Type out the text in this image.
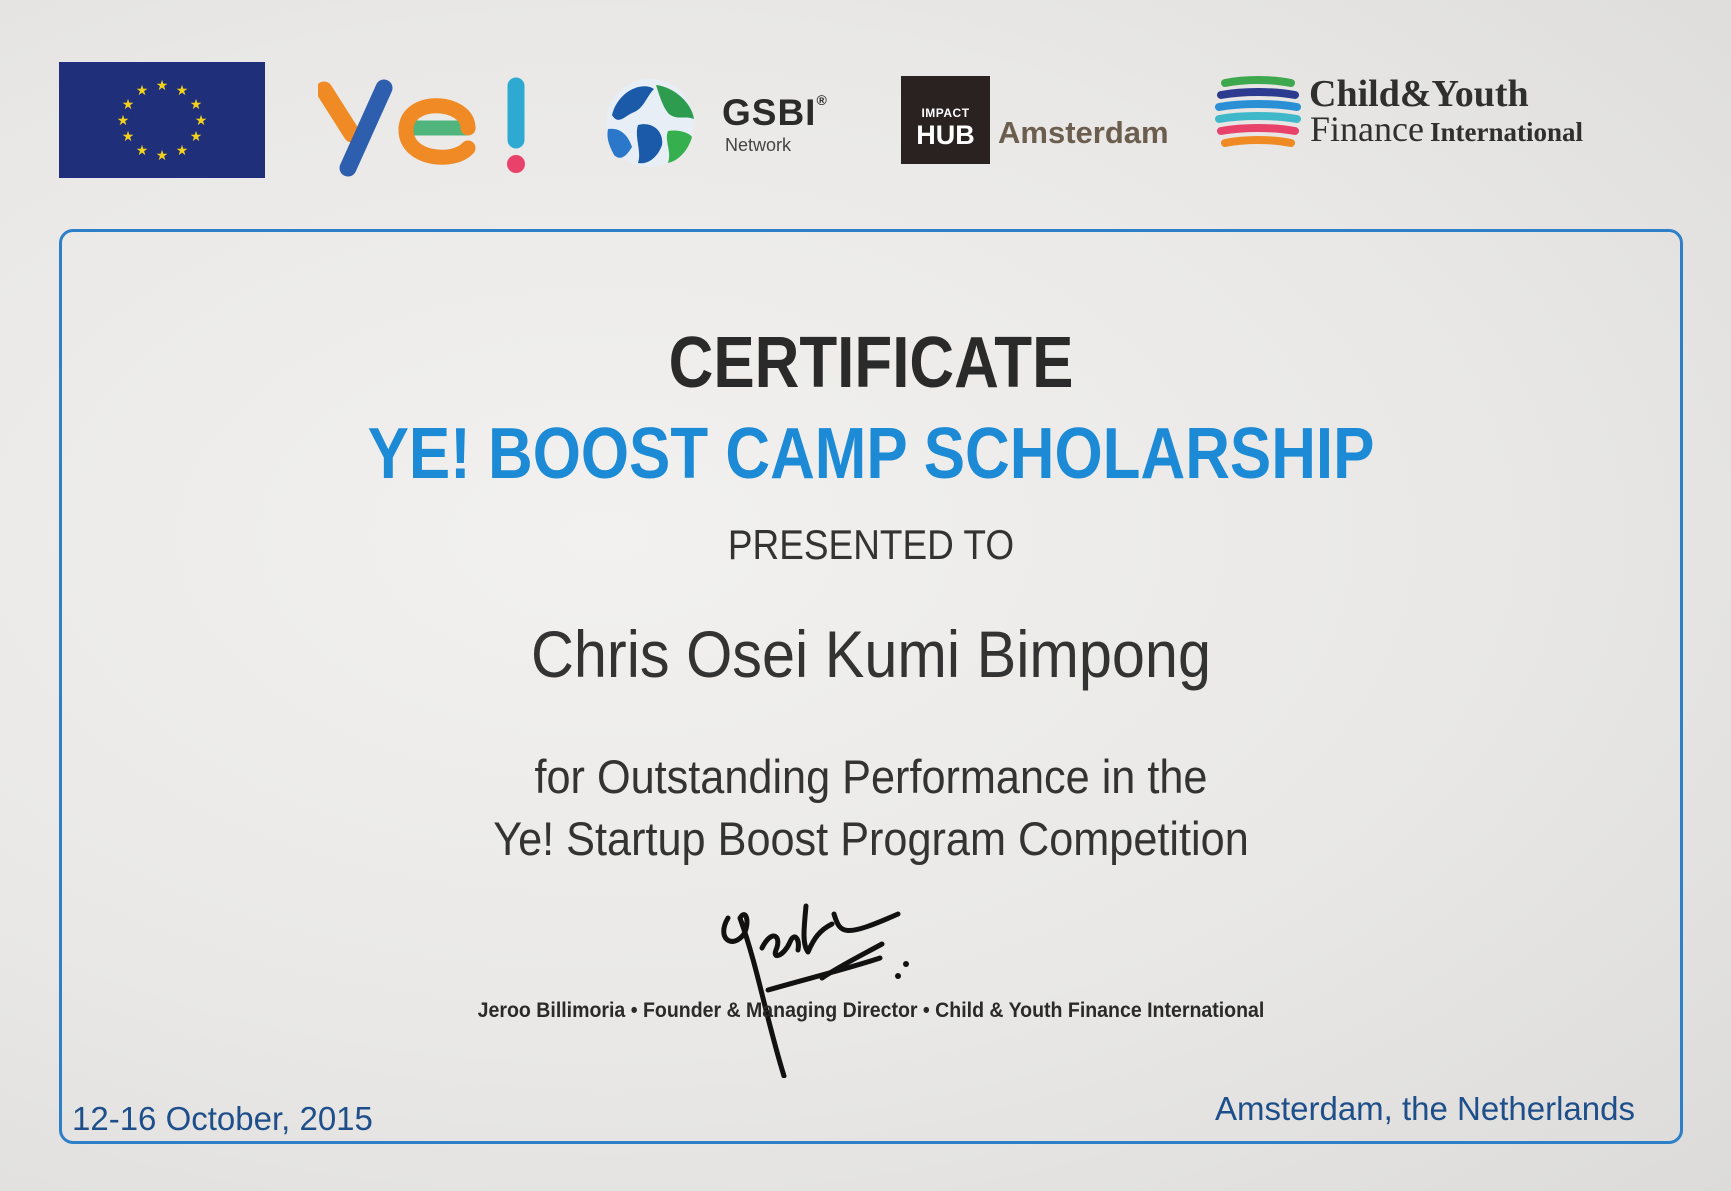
★ ★
★
★
★
★
★
★
★
★
★
★
GSBI®
Network
IMPACT
HUB Amsterdam
Child&Youth
Finance International
CERTIFICATE
YE! BOOST CAMP SCHOLARSHIP
PRESENTED TO
Chris Osei Kumi Bimpong
for Outstanding Performance in the
Ye! Startup Boost Program Competition
Jeroo Billimoria • Founder & Managing Director • Child & Youth Finance International
12-16 October, 2015	Amsterdam, the Netherlands
